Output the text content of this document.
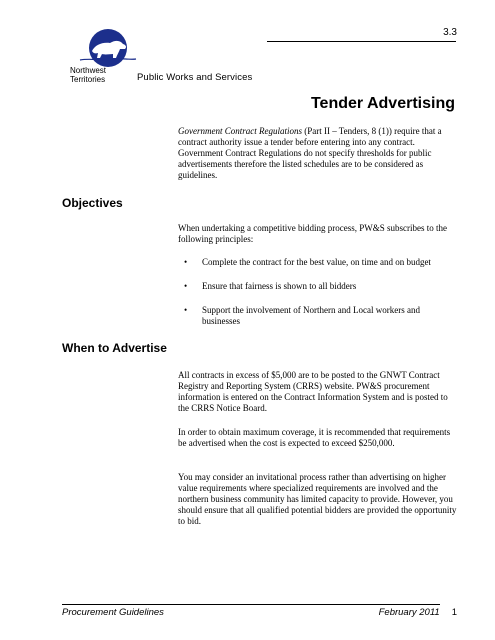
3.3
Northwest
Territories	Public Works and Services
Tender Advertising
Government Contract Regulations (Part II – Tenders, 8 (1)) require that a contract authority issue a tender before entering into any contract. Government Contract Regulations do not specify thresholds for public advertisements therefore the listed schedules are to be considered as guidelines.
Objectives
When undertaking a competitive bidding process, PW&S subscribes to the following principles:
• Complete the contract for the best value, on time and on budget
• Ensure that fairness is shown to all bidders
• Support the involvement of Northern and Local workers and businesses
When to Advertise
All contracts in excess of $5,000 are to be posted to the GNWT Contract Registry and Reporting System (CRRS) website. PW&S procurement information is entered on the Contract Information System and is posted to the CRRS Notice Board.
In order to obtain maximum coverage, it is recommended that requirements be advertised when the cost is expected to exceed $250,000.
You may consider an invitational process rather than advertising on higher value requirements where specialized requirements are involved and the northern business community has limited capacity to provide. However, you should ensure that all qualified potential bidders are provided the opportunity to bid.
Procurement Guidelines	February 2011 1
